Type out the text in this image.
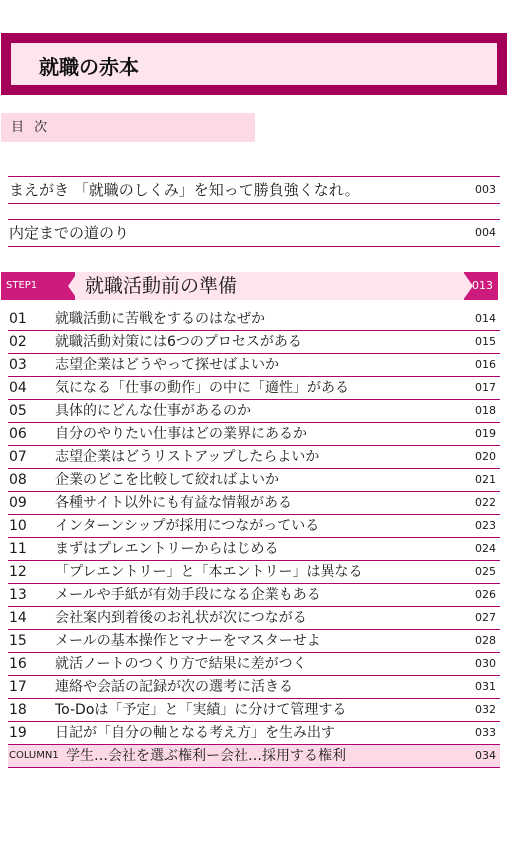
就職の赤本
目 次
まえがき 「就職のしくみ」を知って勝負強くなれ。	003
内定までの道のり	004
STEP1	就職活動前の準備	013
01 就職活動に苦戦をするのはなぜか	014
02 就職活動対策には6つのプロセスがある	015
03 志望企業はどうやって探せばよいか	016
04 気になる「仕事の動作」の中に「適性」がある	017
05 具体的にどんな仕事があるのか	018
06 自分のやりたい仕事はどの業界にあるか	019
07 志望企業はどうリストアップしたらよいか	020
08 企業のどこを比較して絞ればよいか	021
09 各種サイト以外にも有益な情報がある	022
10 インターンシップが採用につながっている	023
11 まずはプレエントリーからはじめる	024
12 「プレエントリー」と「本エントリー」は異なる	025
13 メールや手紙が有効手段になる企業もある	026
14 会社案内到着後のお礼状が次につながる	027
15 メールの基本操作とマナーをマスターせよ	028
16 就活ノートのつくり方で結果に差がつく	030
17 連絡や会話の記録が次の選考に活きる	031
18 To-Doは「予定」と「実績」に分けて管理する	032
19 日記が「自分の軸となる考え方」を生み出す	033
COLUMN1 学生…会社を選ぶ権利ー会社…採用する権利	034
